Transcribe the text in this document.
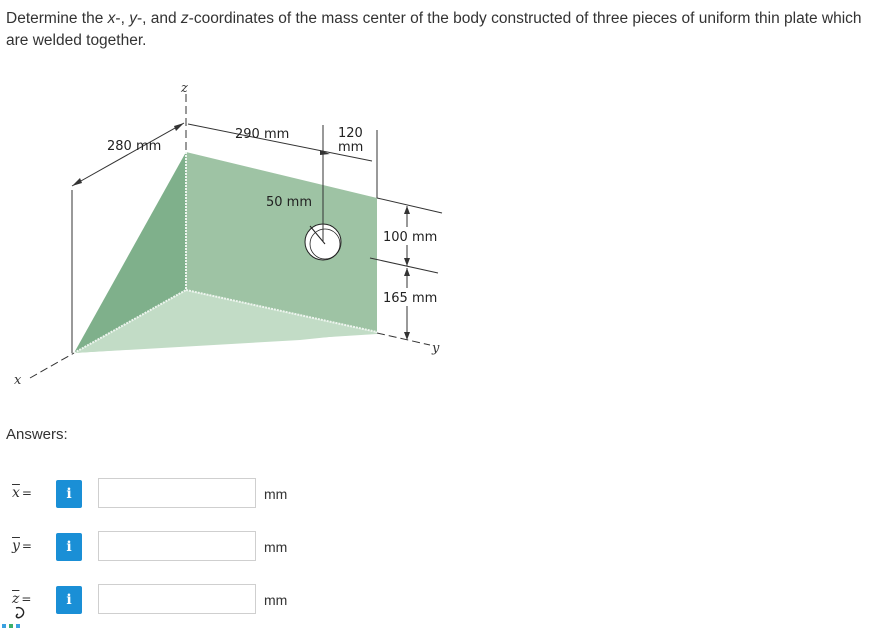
Determine the x-, y-, and z-coordinates of the mass center of the body constructed of three pieces of uniform thin plate which are welded together.
z
x
y
280 mm
290 mm	120
mm
50 mm
100 mm
165 mm
Answers:
$\overline{x}$ =	i	mm
$\overline{y}$ =	i	mm
$\overline{z}$ =	i	mm
